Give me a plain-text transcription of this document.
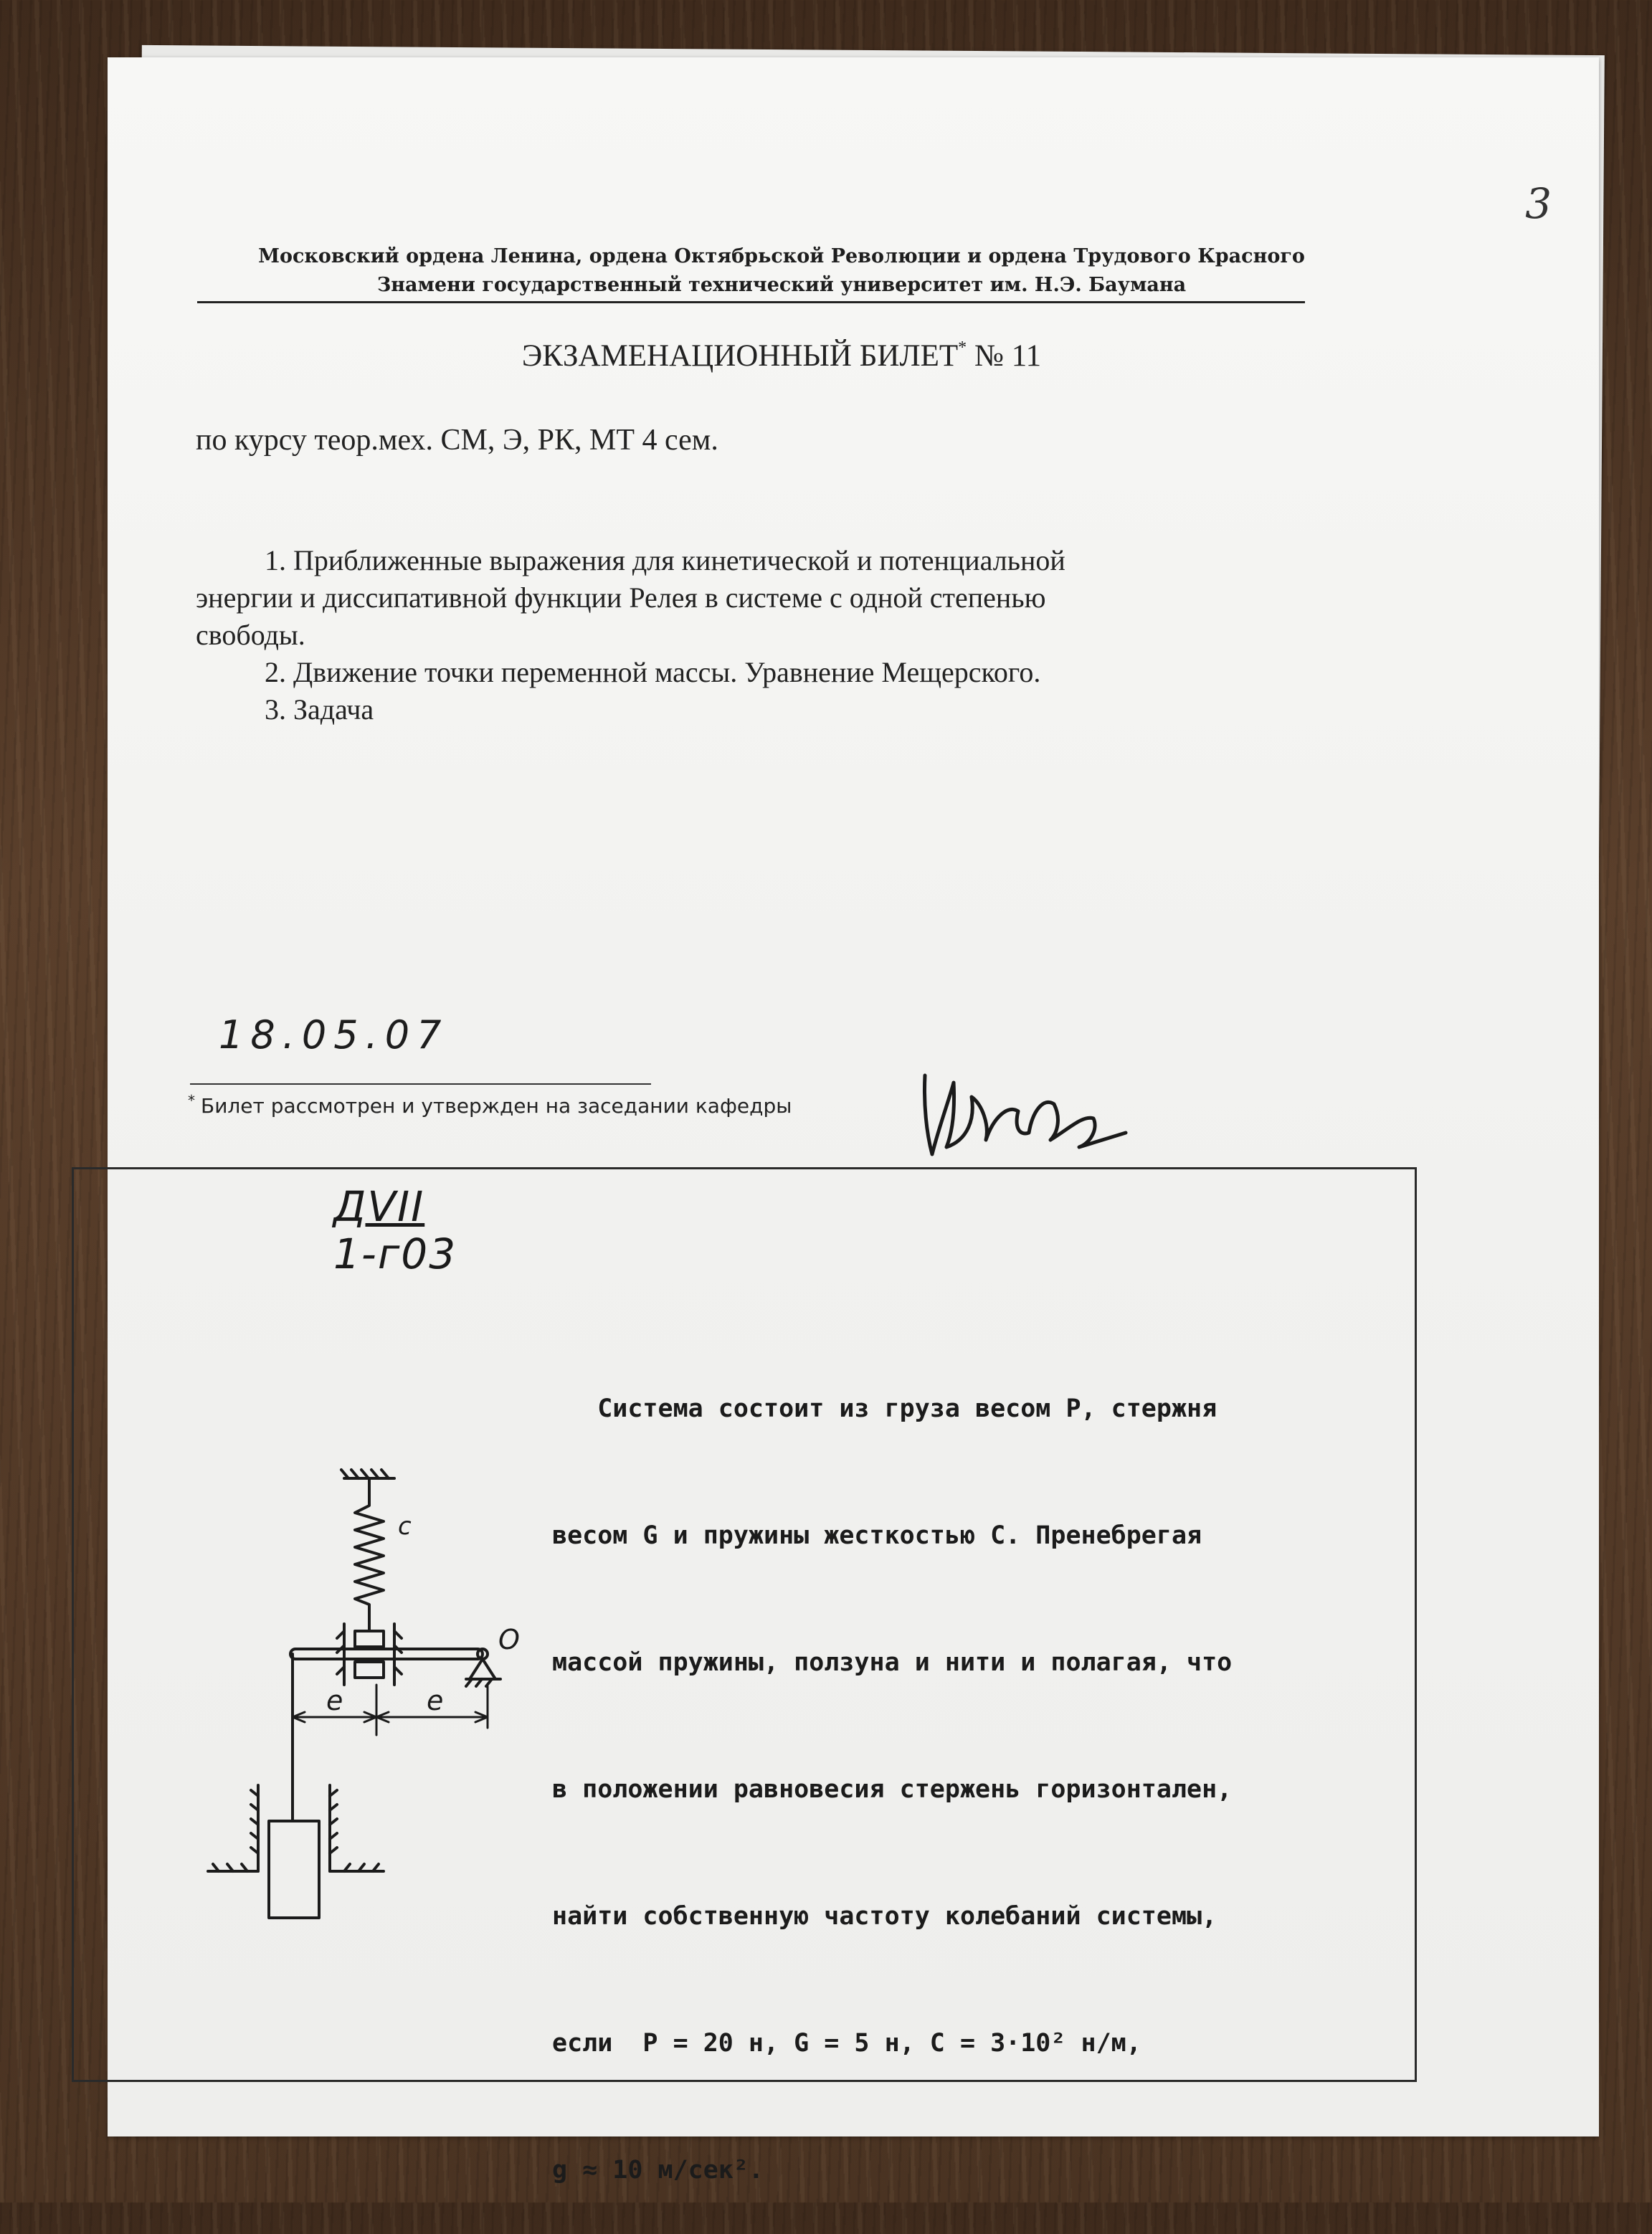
3
Московский ордена Ленина, ордена Октябрьской Революции и ордена Трудового Красного
Знамени государственный технический университет им. Н.Э. Баумана
ЭКЗАМЕНАЦИОННЫЙ БИЛЕТ* № 11
по курсу теор.мех. СМ, Э, РК, МТ 4 сем.
1. Приближенные выражения для кинетической и потенциальной
энергии и диссипативной функции Релея в системе с одной степенью
свободы.
2. Движение точки переменной массы. Уравнение Мещерского.
3. Задача
18.05.07
* Билет рассмотрен и утвержден на заседании кафедры
ДVII
1-г03

Система состоит из груза весом P, стержня

весом G и пружины жесткостью C. Пренебрегая

массой пружины, ползуна и нити и полагая, что

в положении равновесия стержень горизонтален,

найти собственную частоту колебаний системы,

если  P = 20 н, G = 5 н, C = 3·10² н/м,

g ≈ 10 м/сек².

c
O
e	e
